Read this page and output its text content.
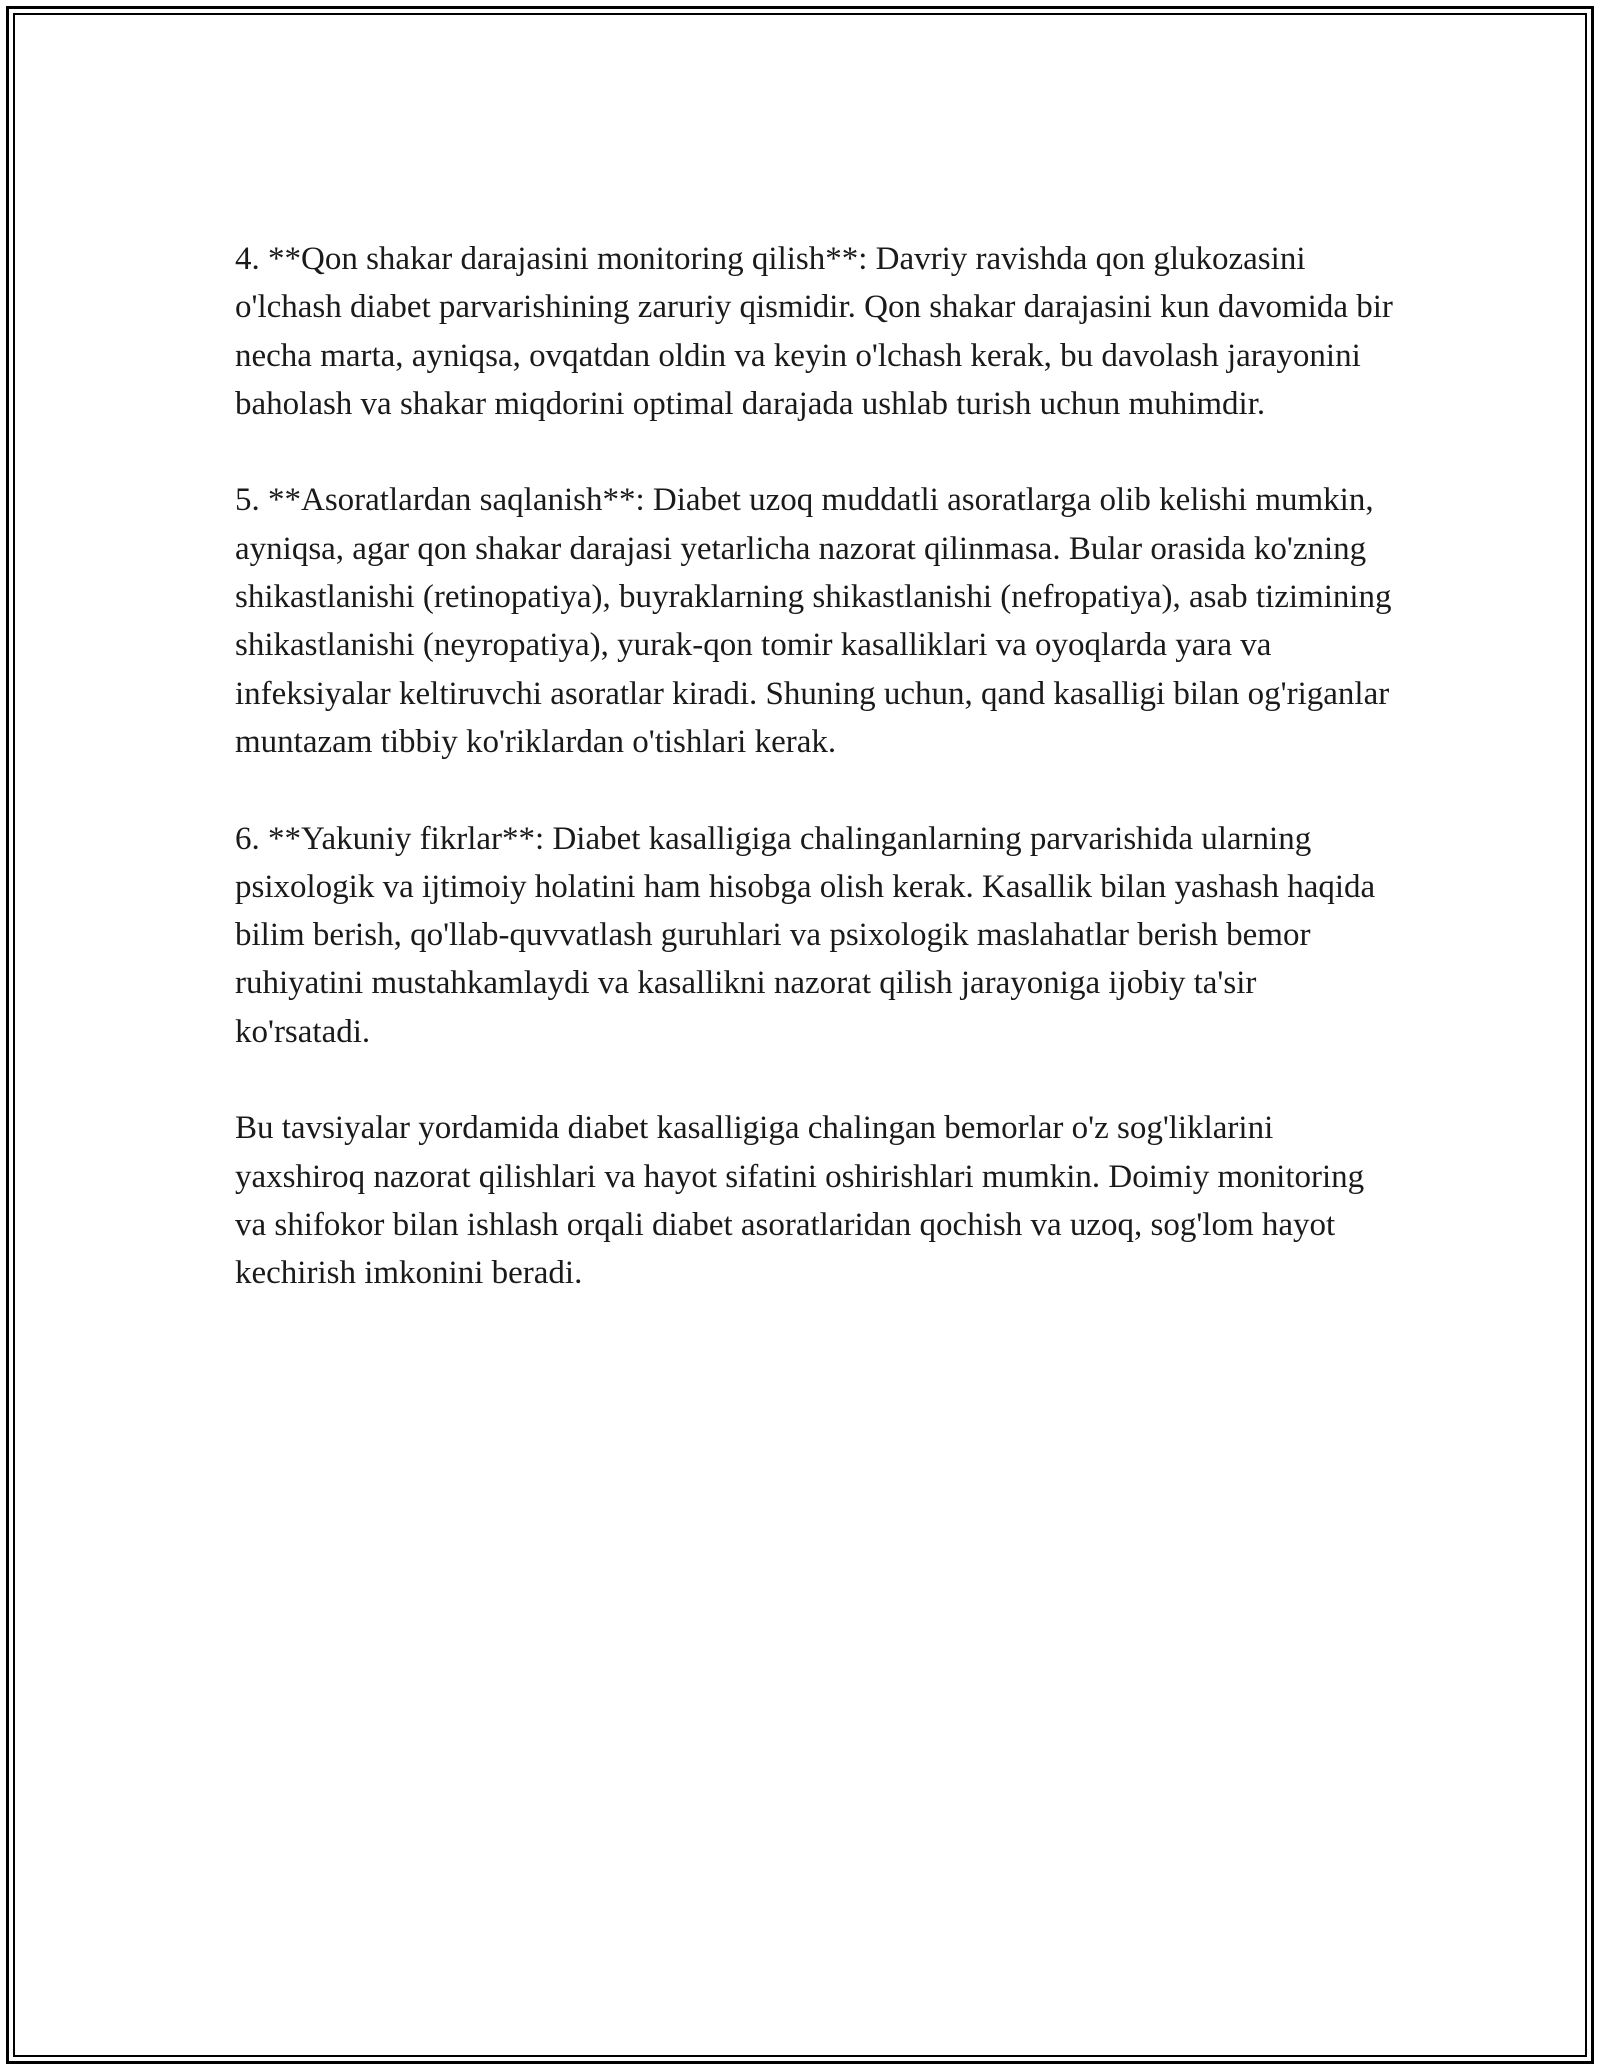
4. **Qon shakar darajasini monitoring qilish**: Davriy ravishda qon glukozasini o'lchash diabet parvarishining zaruriy qismidir. Qon shakar darajasini kun davomida bir necha marta, ayniqsa, ovqatdan oldin va keyin o'lchash kerak, bu davolash jarayonini baholash va shakar miqdorini optimal darajada ushlab turish uchun muhimdir.

5. **Asoratlardan saqlanish**: Diabet uzoq muddatli asoratlarga olib kelishi mumkin, ayniqsa, agar qon shakar darajasi yetarlicha nazorat qilinmasa. Bular orasida ko'zning shikastlanishi (retinopatiya), buyraklarning shikastlanishi (nefropatiya), asab tizimining shikastlanishi (neyropatiya), yurak-qon tomir kasalliklari va oyoqlarda yara va infeksiyalar keltiruvchi asoratlar kiradi. Shuning uchun, qand kasalligi bilan og'riganlar muntazam tibbiy ko'riklardan o'tishlari kerak.

6. **Yakuniy fikrlar**: Diabet kasalligiga chalinganlarning parvarishida ularning psixologik va ijtimoiy holatini ham hisobga olish kerak. Kasallik bilan yashash haqida bilim berish, qo'llab-quvvatlash guruhlari va psixologik maslahatlar berish bemor ruhiyatini mustahkamlaydi va kasallikni nazorat qilish jarayoniga ijobiy ta'sir ko'rsatadi.

Bu tavsiyalar yordamida diabet kasalligiga chalingan bemorlar o'z sog'liklarini yaxshiroq nazorat qilishlari va hayot sifatini oshirishlari mumkin. Doimiy monitoring va shifokor bilan ishlash orqali diabet asoratlaridan qochish va uzoq, sog'lom hayot kechirish imkonini beradi.
